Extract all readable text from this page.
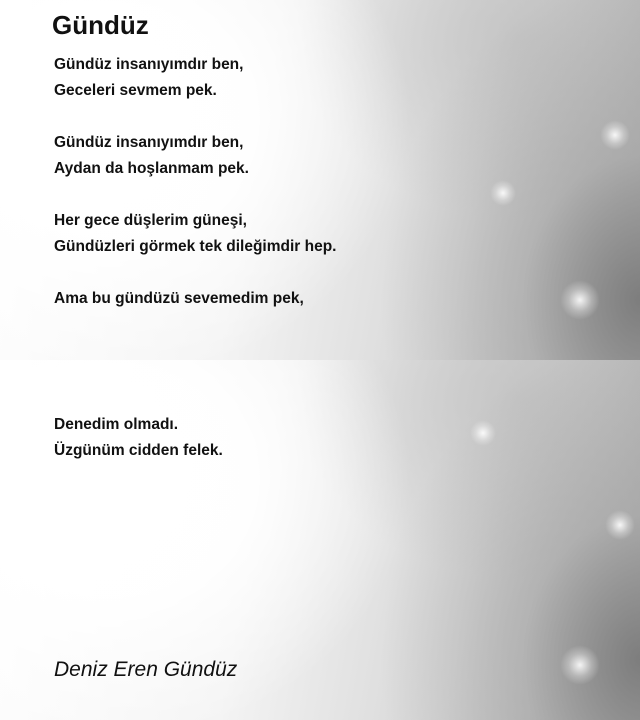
Gündüz
Gündüz insanıyımdır ben,
Geceleri sevmem pek.
Gündüz insanıyımdır ben,
Aydan da hoşlanmam pek.
Her gece düşlerim güneşi,
Gündüzleri görmek tek dileğimdir hep.
Ama bu gündüzü sevemedim pek,
Denedim olmadı.
Üzgünüm cidden felek.
Deniz Eren Gündüz
